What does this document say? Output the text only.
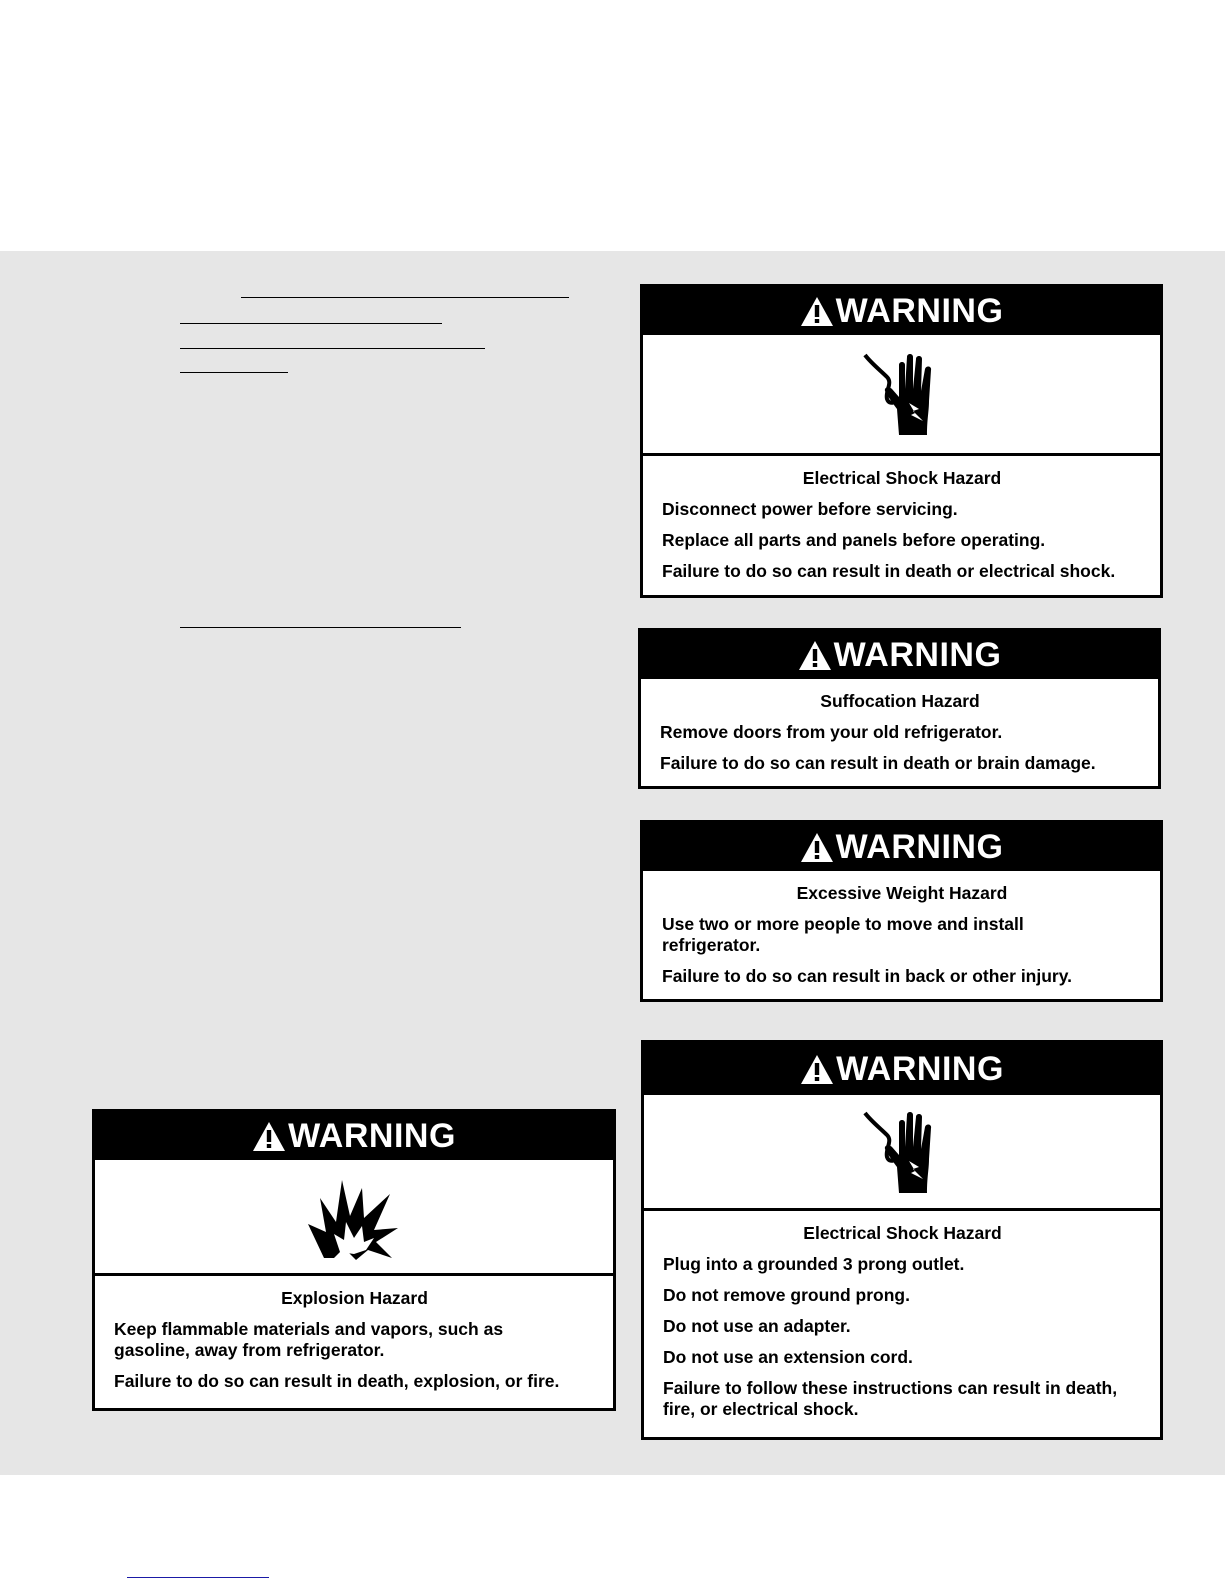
WARNING
Electrical Shock Hazard
Disconnect power before servicing.
Replace all parts and panels before operating.
Failure to do so can result in death or electrical shock.
WARNING
Suffocation Hazard
Remove doors from your old refrigerator.
Failure to do so can result in death or brain damage.
WARNING
Excessive Weight Hazard
Use two or more people to move and install refrigerator.
Failure to do so can result in back or other injury.
WARNING
Explosion Hazard
Keep flammable materials and vapors, such as gasoline, away from refrigerator.
Failure to do so can result in death, explosion, or fire.
WARNING
Electrical Shock Hazard
Plug into a grounded 3 prong outlet.
Do not remove ground prong.
Do not use an adapter.
Do not use an extension cord.
Failure to follow these instructions can result in death, fire, or electrical shock.
